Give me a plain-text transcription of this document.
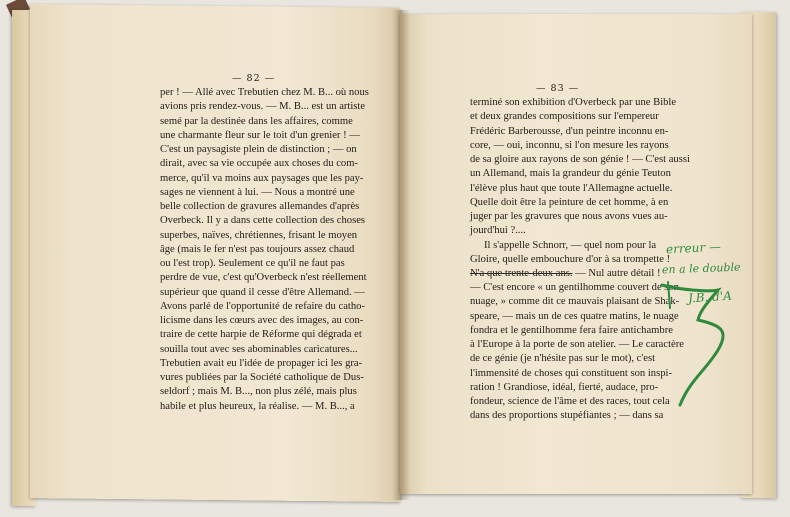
— 82 —
per ! — Allé avec Trebutien chez M. B... où nous
avions pris rendez-vous. — M. B... est un artiste
semé par la destinée dans les affaires, comme
une charmante fleur sur le toit d'un grenier ! —
C'est un paysagiste plein de distinction ; — on
dirait, avec sa vie occupée aux choses du com-
merce, qu'il va moins aux paysages que les pay-
sages ne viennent à lui. — Nous a montré une
belle collection de gravures allemandes d'après
Overbeck. Il y a dans cette collection des choses
superbes, naïves, chrétiennes, frisant le moyen
âge (mais le fer n'est pas toujours assez chaud
ou l'est trop). Seulement ce qu'il ne faut pas
perdre de vue, c'est qu'Overbeck n'est réellement
supérieur que quand il cesse d'être Allemand. —
Avons parlé de l'opportunité de refaire du catho-
licisme dans les cœurs avec des images, au con-
traire de cette harpie de Réforme qui dégrada et
souilla tout avec ses abominables caricatures...
Trebutien avait eu l'idée de propager ici les gra-
vures publiées par la Société catholique de Dus-
seldorf ; mais M. B..., non plus zélé, mais plus
habile et plus heureux, la réalise. — M. B..., a
— 83 —
terminé son exhibition d'Overbeck par une Bible
et deux grandes compositions sur l'empereur
Frédéric Barberousse, d'un peintre inconnu en-
core, — oui, inconnu, si l'on mesure les rayons
de sa gloire aux rayons de son génie ! — C'est aussi
un Allemand, mais la grandeur du génie Teuton
l'élève plus haut que toute l'Allemagne actuelle.
Quelle doit être la peinture de cet homme, à en
juger par les gravures que nous avons vues au-
jourd'hui ?....
Il s'appelle Schnorr, — quel nom pour la
Gloire, quelle embouchure d'or à sa trompette !
N'a que trente-deux ans. — Nul autre détail !
— C'est encore « un gentilhomme couvert de son
nuage, » comme dit ce mauvais plaisant de Shak-
speare, — mais un de ces quatre matins, le nuage
fondra et le gentilhomme fera faire antichambre
à l'Europe à la porte de son atelier. — Le caractère
de ce génie (je n'hésite pas sur le mot), c'est
l'immensité de choses qui constituent son inspi-
ration ! Grandiose, idéal, fierté, audace, pro-
fondeur, science de l'âme et des races, tout cela
dans des proportions stupéfiantes ; — dans sa
erreur —
en a le double
J.B. d'A
